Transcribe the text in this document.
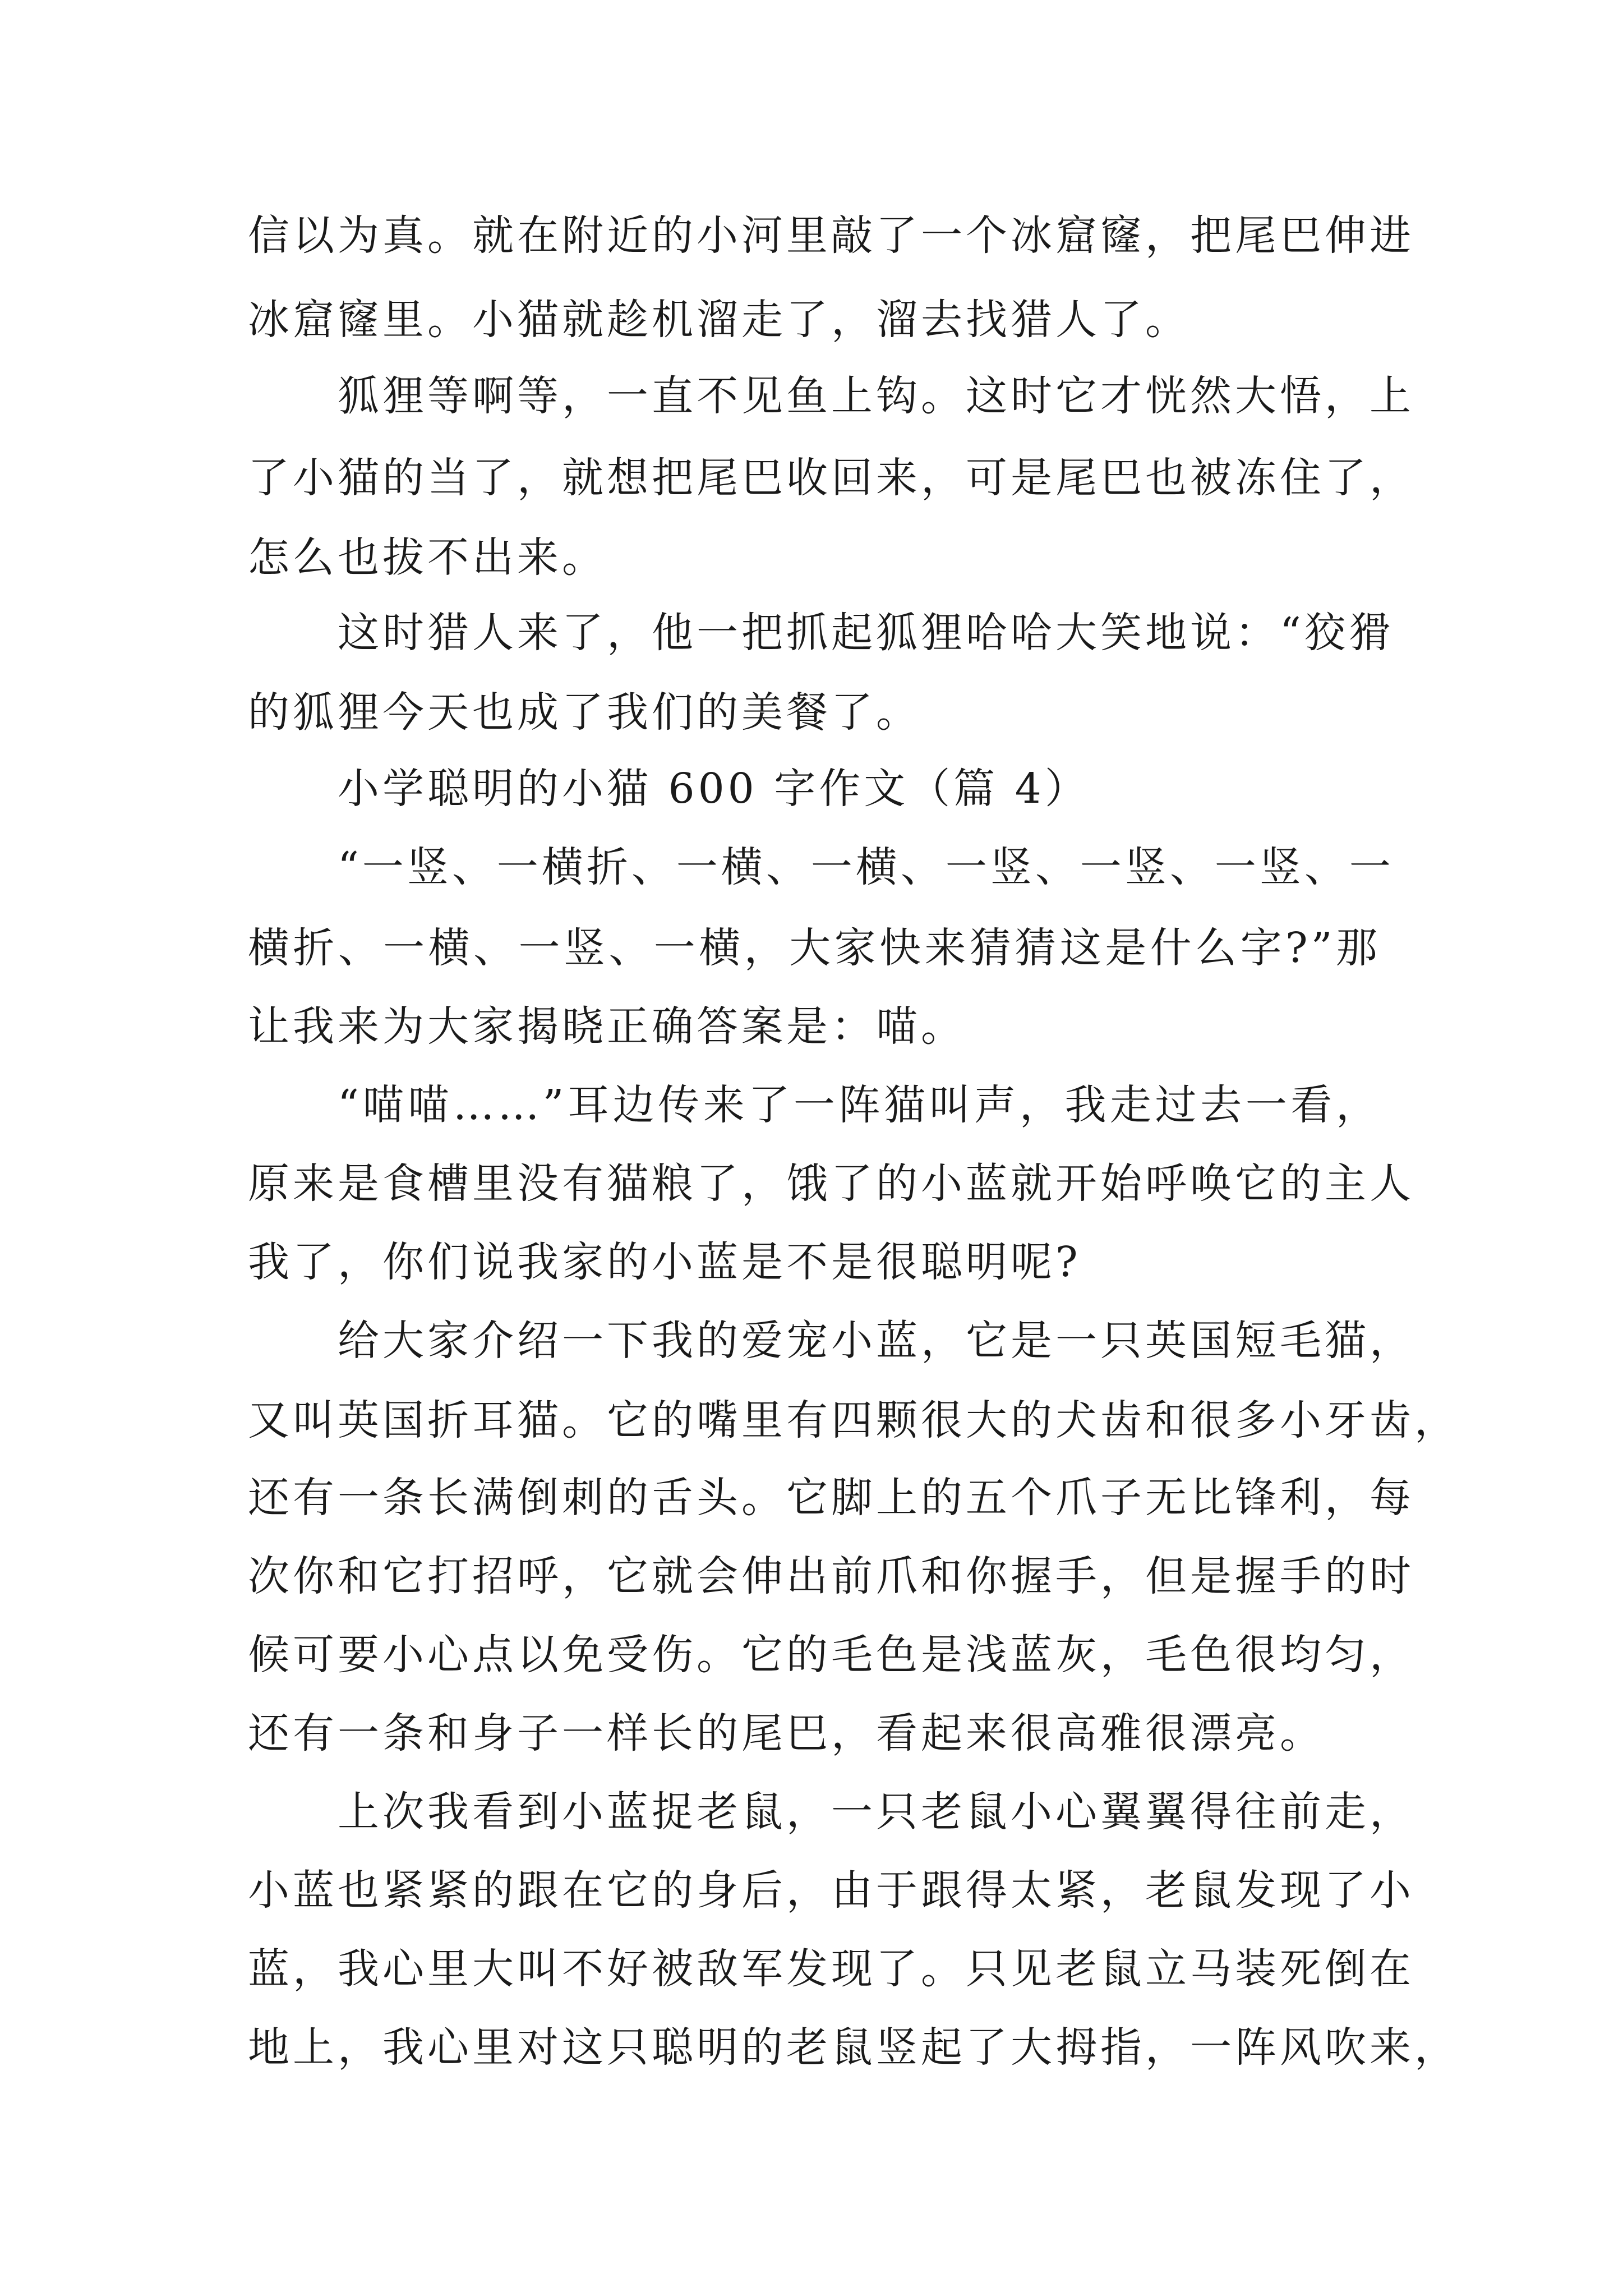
信以为真。就在附近的小河里敲了一个冰窟窿，把尾巴伸进
冰窟窿里。小猫就趁机溜走了，溜去找猎人了。
狐狸等啊等，一直不见鱼上钩。这时它才恍然大悟，上
了小猫的当了，就想把尾巴收回来，可是尾巴也被冻住了，
怎么也拔不出来。
这时猎人来了，他一把抓起狐狸哈哈大笑地说：“狡猾
的狐狸今天也成了我们的美餐了。
小学聪明的小猫 600 字作文（篇 4）
“一竖、一横折、一横、一横、一竖、一竖、一竖、一
横折、一横、一竖、一横，大家快来猜猜这是什么字?”那
让我来为大家揭晓正确答案是：喵。
“喵喵……”耳边传来了一阵猫叫声，我走过去一看，
原来是食槽里没有猫粮了，饿了的小蓝就开始呼唤它的主人
我了，你们说我家的小蓝是不是很聪明呢?
给大家介绍一下我的爱宠小蓝，它是一只英国短毛猫，
又叫英国折耳猫。它的嘴里有四颗很大的犬齿和很多小牙齿，
还有一条长满倒刺的舌头。它脚上的五个爪子无比锋利，每
次你和它打招呼，它就会伸出前爪和你握手，但是握手的时
候可要小心点以免受伤。它的毛色是浅蓝灰，毛色很均匀，
还有一条和身子一样长的尾巴，看起来很高雅很漂亮。
上次我看到小蓝捉老鼠，一只老鼠小心翼翼得往前走，
小蓝也紧紧的跟在它的身后，由于跟得太紧，老鼠发现了小
蓝，我心里大叫不好被敌军发现了。只见老鼠立马装死倒在
地上，我心里对这只聪明的老鼠竖起了大拇指，一阵风吹来，
